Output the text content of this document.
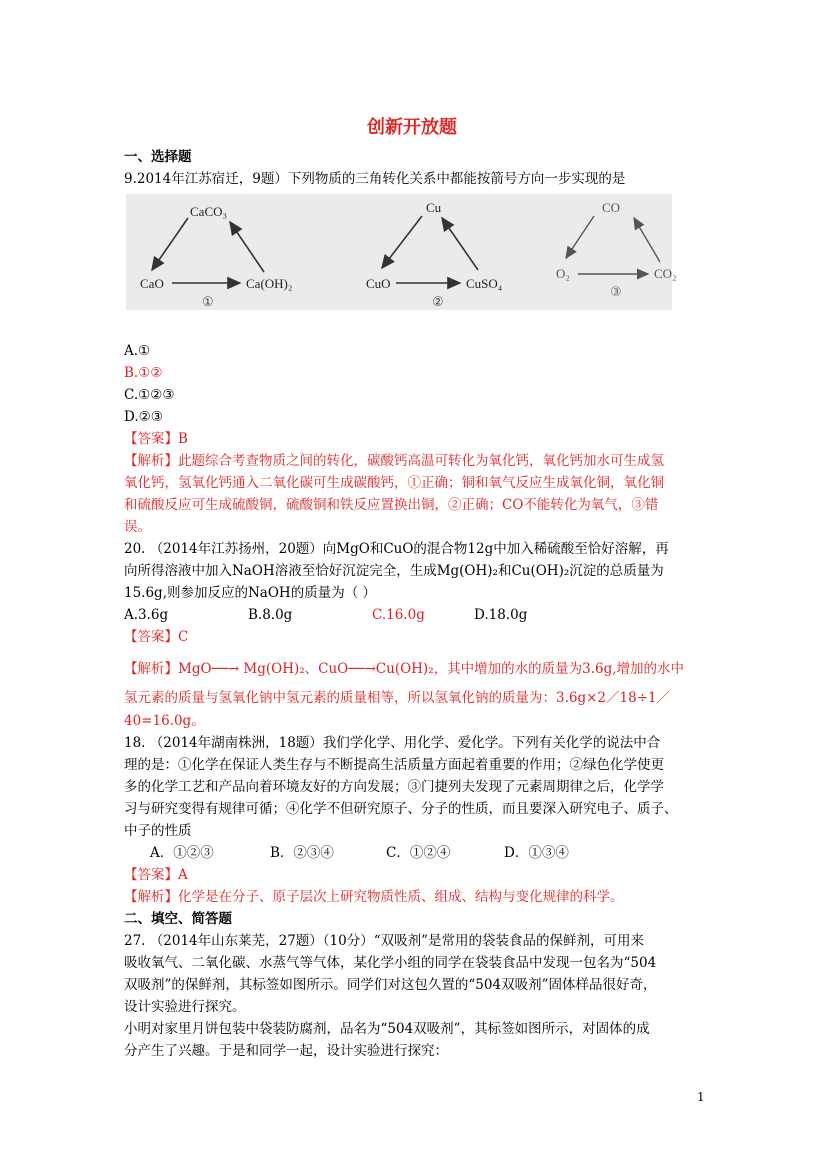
创新开放题
一、选择题
9.2014年江苏宿迁，9题）下列物质的三角转化关系中都能按箭号方向一步实现的是
CaCO₃
CaO	Ca(OH)₂
①
Cu
CuO	CuSO₄
②
CO
O₂	CO₂
③
A.①
B.①②
C.①②③
D.②③
【答案】B
【解析】此题综合考查物质之间的转化，碳酸钙高温可转化为氧化钙，氧化钙加水可生成氢
氧化钙，氢氧化钙通入二氧化碳可生成碳酸钙，①正确；铜和氧气反应生成氧化铜，氧化铜
和硫酸反应可生成硫酸铜，硫酸铜和铁反应置换出铜，②正确；CO不能转化为氧气，③错
误。
20. （2014年江苏扬州，20题）向MgO和CuO的混合物12g中加入稀硫酸至恰好溶解，再
向所得溶液中加入NaOH溶液至恰好沉淀完全，生成Mg(OH)₂和Cu(OH)₂沉淀的总质量为
15.6g,则参加反应的NaOH的质量为（ ）
A.3.6g	B.8.0g	C.16.0g	D.18.0g
【答案】C
【解析】MgO──→ Mg(OH)₂、CuO──→Cu(OH)₂，其中增加的水的质量为3.6g,增加的水中
氢元素的质量与氢氧化钠中氢元素的质量相等，所以氢氧化钠的质量为：3.6g×2／18÷1／
40=16.0g。
18. （2014年湖南株洲，18题）我们学化学、用化学、爱化学。下列有关化学的说法中合
理的是：①化学在保证人类生存与不断提高生活质量方面起着重要的作用；②绿色化学使更
多的化学工艺和产品向着环境友好的方向发展；③门捷列夫发现了元素周期律之后，化学学
习与研究变得有规律可循；④化学不但研究原子、分子的性质，而且要深入研究电子、质子、
中子的性质
A．①②③	B．②③④	C．①②④	D．①③④
【答案】A
【解析】化学是在分子、原子层次上研究物质性质、组成、结构与变化规律的科学。
二、填空、简答题
27. （2014年山东莱芜，27题）（10分）“双吸剂”是常用的袋装食品的保鲜剂，可用来
吸收氧气、二氧化碳、水蒸气等气体，某化学小组的同学在袋装食品中发现一包名为“504
双吸剂”的保鲜剂，其标签如图所示。同学们对这包久置的“504双吸剂”固体样品很好奇，
设计实验进行探究。
小明对家里月饼包装中袋装防腐剂，品名为“504双吸剂”，其标签如图所示，对固体的成
分产生了兴趣。于是和同学一起，设计实验进行探究：
1
